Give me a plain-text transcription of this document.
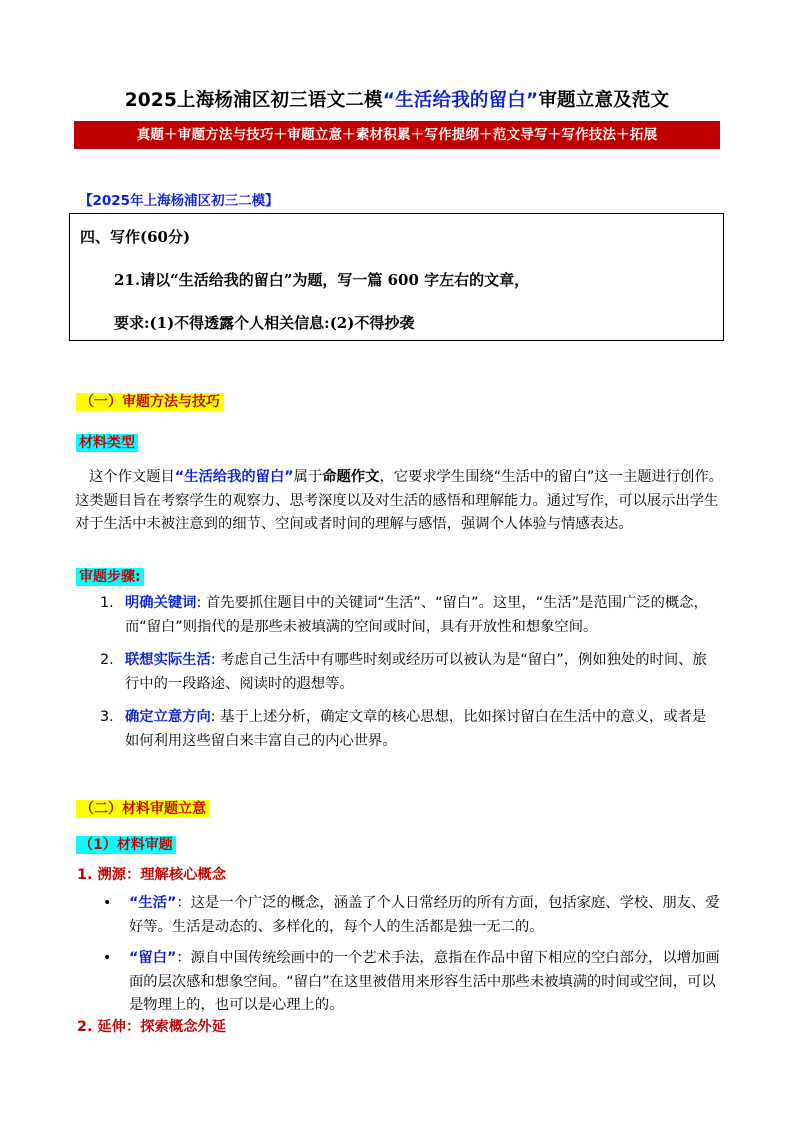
2025上海杨浦区初三语文二模“生活给我的留白”审题立意及范文
真题＋审题方法与技巧＋审题立意＋素材积累＋写作提纲＋范文导写＋写作技法＋拓展
【2025年上海杨浦区初三二模】
四、写作(60分)
21.请以“生活给我的留白”为题，写一篇 600 字左右的文章，
要求:(1)不得透露个人相关信息:(2)不得抄袭
（一）审题方法与技巧
材料类型
这个作文题目“生活给我的留白”属于命题作文，它要求学生围绕“生活中的留白”这一主题进行创作。这类题目旨在考察学生的观察力、思考深度以及对生活的感悟和理解能力。通过写作，可以展示出学生对于生活中未被注意到的细节、空间或者时间的理解与感悟，强调个人体验与情感表达。
审题步骤:
1. 明确关键词: 首先要抓住题目中的关键词“生活”、“留白”。这里，“生活”是范围广泛的概念，而“留白”则指代的是那些未被填满的空间或时间，具有开放性和想象空间。
2. 联想实际生活: 考虑自己生活中有哪些时刻或经历可以被认为是“留白”，例如独处的时间、旅行中的一段路途、阅读时的遐想等。
3. 确定立意方向: 基于上述分析，确定文章的核心思想，比如探讨留白在生活中的意义，或者是如何利用这些留白来丰富自己的内心世界。
（二）材料审题立意
（1）材料审题
1. 溯源：理解核心概念
• “生活”：这是一个广泛的概念，涵盖了个人日常经历的所有方面，包括家庭、学校、朋友、爱好等。生活是动态的、多样化的，每个人的生活都是独一无二的。
• “留白”：源自中国传统绘画中的一个艺术手法，意指在作品中留下相应的空白部分，以增加画面的层次感和想象空间。“留白”在这里被借用来形容生活中那些未被填满的时间或空间，可以是物理上的，也可以是心理上的。
2. 延伸：探索概念外延
